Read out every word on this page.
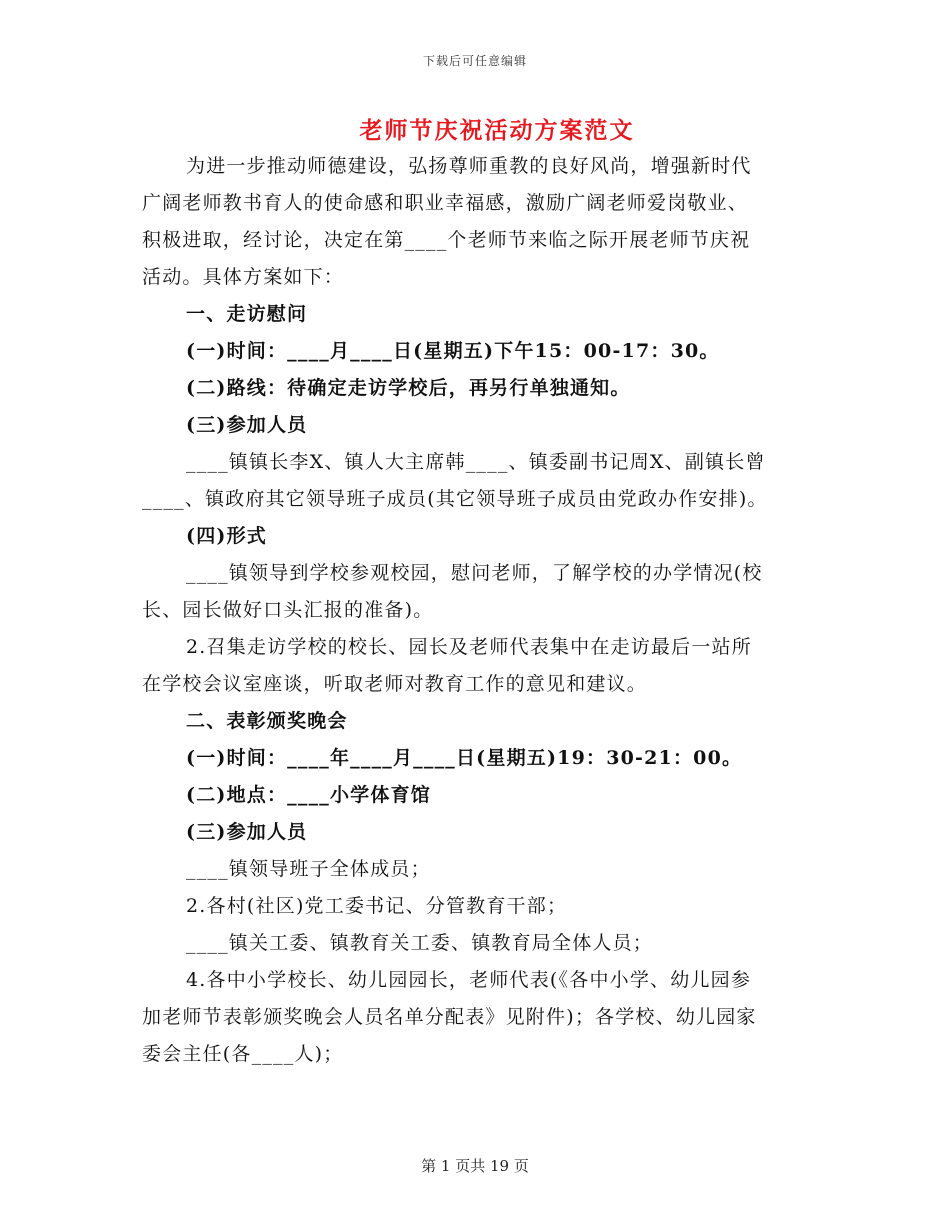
下载后可任意编辑
老师节庆祝活动方案范文
为进一步推动师德建设，弘扬尊师重教的良好风尚，增强新时代
广阔老师教书育人的使命感和职业幸福感，激励广阔老师爱岗敬业、
积极进取，经讨论，决定在第____个老师节来临之际开展老师节庆祝
活动。具体方案如下：
一、走访慰问
(一)时间：____月____日(星期五)下午15：00-17：30。
(二)路线：待确定走访学校后，再另行单独通知。
(三)参加人员
____镇镇长李X、镇人大主席韩____、镇委副书记周X、副镇长曾
____、镇政府其它领导班子成员(其它领导班子成员由党政办作安排)。
(四)形式
____镇领导到学校参观校园，慰问老师，了解学校的办学情况(校
长、园长做好口头汇报的准备)。
2.召集走访学校的校长、园长及老师代表集中在走访最后一站所
在学校会议室座谈，听取老师对教育工作的意见和建议。
二、表彰颁奖晚会
(一)时间：____年____月____日(星期五)19：30-21：00。
(二)地点：____小学体育馆
(三)参加人员
____镇领导班子全体成员；
2.各村(社区)党工委书记、分管教育干部；
____镇关工委、镇教育关工委、镇教育局全体人员；
4.各中小学校长、幼儿园园长，老师代表(《各中小学、幼儿园参
加老师节表彰颁奖晚会人员名单分配表》见附件)；各学校、幼儿园家
委会主任(各____人)；
第 1 页共 19 页
